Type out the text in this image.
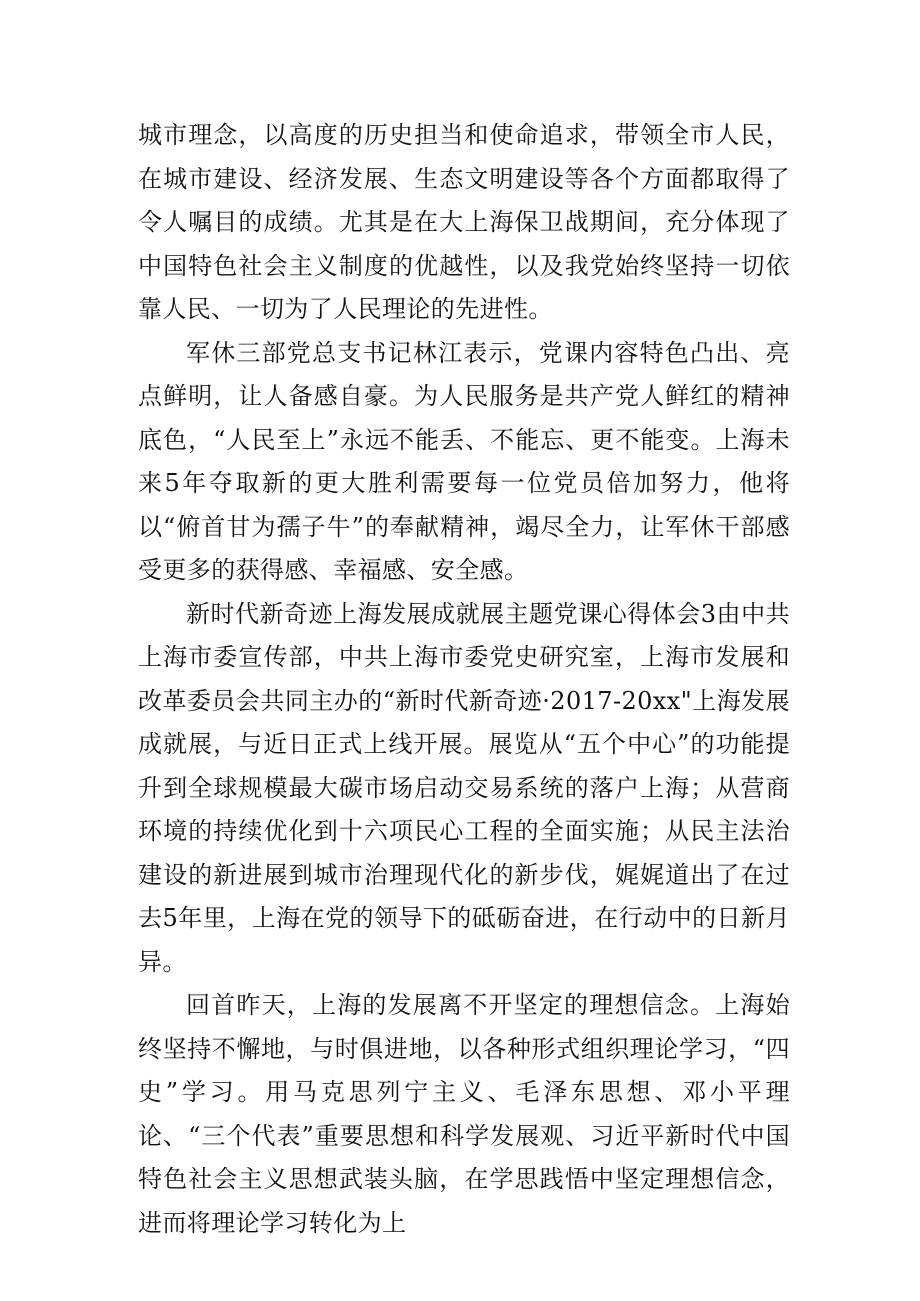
城市理念，以高度的历史担当和使命追求，带领全市人民，在城市建设、经济发展、生态文明建设等各个方面都取得了令人嘱目的成绩。尤其是在大上海保卫战期间，充分体现了中国特色社会主义制度的优越性，以及我党始终坚持一切依靠人民、一切为了人民理论的先进性。

军休三部党总支书记林江表示，党课内容特色凸出、亮点鲜明，让人备感自豪。为人民服务是共产党人鲜红的精神底色，“人民至上”永远不能丢、不能忘、更不能变。上海未来5年夺取新的更大胜利需要每一位党员倍加努力，他将以“俯首甘为孺子牛”的奉献精神，竭尽全力，让军休干部感受更多的获得感、幸福感、安全感。

新时代新奇迹上海发展成就展主题党课心得体会3由中共上海市委宣传部，中共上海市委党史研究室，上海市发展和改革委员会共同主办的“新时代新奇迹·2017-20xx"上海发展成就展，与近日正式上线开展。展览从“五个中心”的功能提升到全球规模最大碳市场启动交易系统的落户上海；从营商环境的持续优化到十六项民心工程的全面实施；从民主法治建设的新进展到城市治理现代化的新步伐，娓娓道出了在过去5年里，上海在党的领导下的砥砺奋进，在行动中的日新月异。

回首昨天，上海的发展离不开坚定的理想信念。上海始终坚持不懈地，与时俱进地，以各种形式组织理论学习，“四史”学习。用马克思列宁主义、毛泽东思想、邓小平理论、“三个代表”重要思想和科学发展观、习近平新时代中国特色社会主义思想武装头脑，在学思践悟中坚定理想信念，进而将理论学习转化为上
